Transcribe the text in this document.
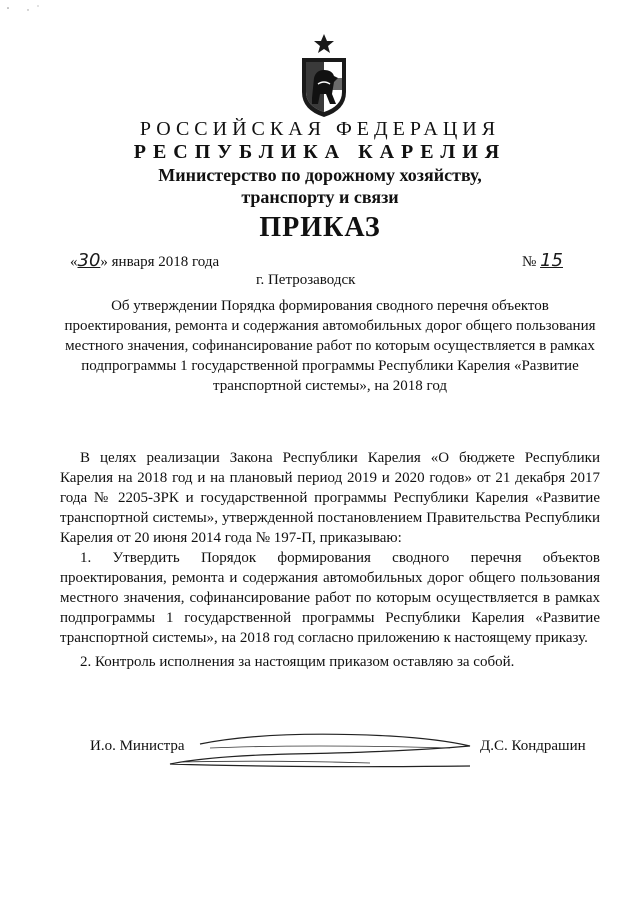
РОССИЙСКАЯ ФЕДЕРАЦИЯ
РЕСПУБЛИКА КАРЕЛИЯ
Министерство по дорожному хозяйству,
транспорту и связи
ПРИКАЗ
«30» января 2018 года	№ 15
г. Петрозаводск
Об утверждении Порядка формирования сводного перечня объектов проектирования, ремонта и содержания автомобильных дорог общего пользования местного значения, софинансирование работ по которым осуществляется в рамках подпрограммы 1 государственной программы Республики Карелия «Развитие транспортной системы», на 2018 год
В целях реализации Закона Республики Карелия «О бюджете Республики Карелия на 2018 год и на плановый период 2019 и 2020 годов» от 21 декабря 2017 года № 2205-ЗРК и государственной программы Республики Карелия «Развитие транспортной системы», утвержденной постановлением Правительства Республики Карелия от 20 июня 2014 года № 197-П, приказываю:
1. Утвердить Порядок формирования сводного перечня объектов проектирования, ремонта и содержания автомобильных дорог общего пользования местного значения, софинансирование работ по которым осуществляется в рамках подпрограммы 1 государственной программы Республики Карелия «Развитие транспортной системы», на 2018 год согласно приложению к настоящему приказу.
2. Контроль исполнения за настоящим приказом оставляю за собой.
И.о. Министра	Д.С. Кондрашин
